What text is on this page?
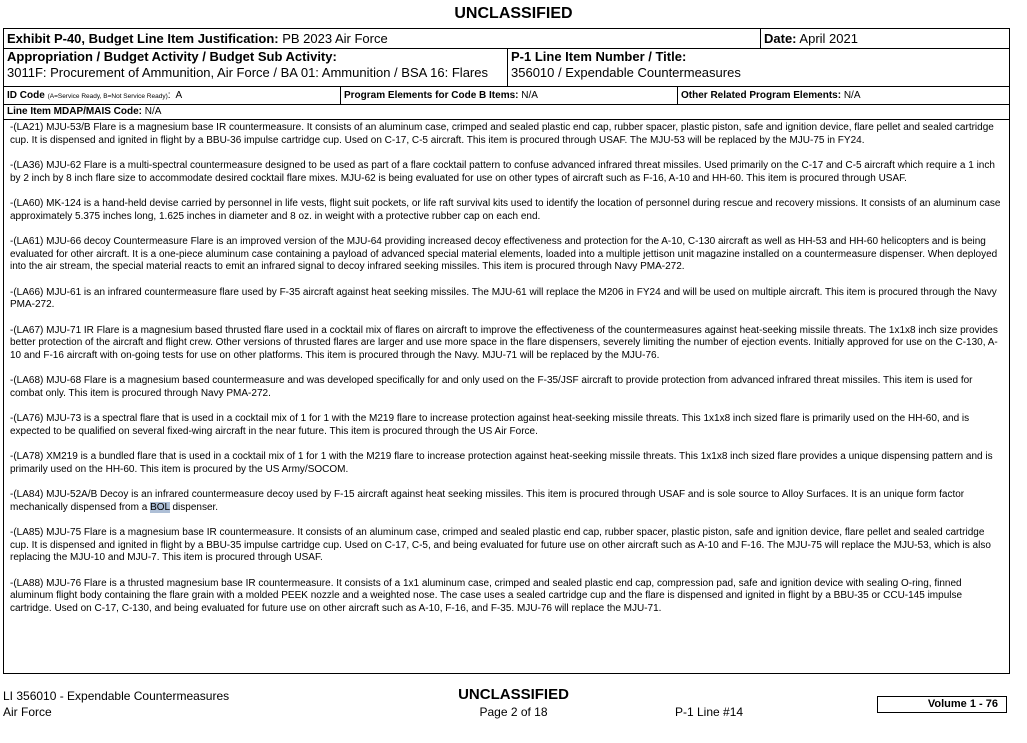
UNCLASSIFIED
Exhibit P-40, Budget Line Item Justification: PB 2023 Air Force	Date: April 2021
Appropriation / Budget Activity / Budget Sub Activity:
3011F: Procurement of Ammunition, Air Force / BA 01: Ammunition / BSA 16: Flares
P-1 Line Item Number / Title:
356010 / Expendable Countermeasures
ID Code (A=Service Ready, B=Not Service Ready):  A	Program Elements for Code B Items: N/A	Other Related Program Elements: N/A
Line Item MDAP/MAIS Code: N/A

-(LA21) MJU-53/B Flare is a magnesium base IR countermeasure. It consists of an aluminum case, crimped and sealed plastic end cap, rubber spacer, plastic piston, safe and ignition device, flare pellet and sealed cartridge cup. It is dispensed and ignited in flight by a BBU-36 impulse cartridge cup. Used on C-17, C-5 aircraft. This item is procured through USAF. The MJU-53 will be replaced by the MJU-75 in FY24.

-(LA36) MJU-62 Flare is a multi-spectral countermeasure designed to be used as part of a flare cocktail pattern to confuse advanced infrared threat missiles. Used primarily on the C-17 and C-5 aircraft which require a 1 inch by 2 inch by 8 inch flare size to accommodate desired cocktail flare mixes. MJU-62 is being evaluated for use on other types of aircraft such as F-16, A-10 and HH-60. This item is procured through USAF.

-(LA60) MK-124 is a hand-held devise carried by personnel in life vests, flight suit pockets, or life raft survival kits used to identify the location of personnel during rescue and recovery missions. It consists of an aluminum case approximately 5.375 inches long, 1.625 inches in diameter and 8 oz. in weight with a protective rubber cap on each end.

-(LA61) MJU-66 decoy Countermeasure Flare is an improved version of the MJU-64 providing increased decoy effectiveness and protection for the A-10, C-130 aircraft as well as HH-53 and HH-60 helicopters and is being evaluated for other aircraft. It is a one-piece aluminum case containing a payload of advanced special material elements, loaded into a multiple jettison unit magazine installed on a countermeasure dispenser. When deployed into the air stream, the special material reacts to emit an infrared signal to decoy infrared seeking missiles. This item is procured through Navy PMA-272.

-(LA66) MJU-61 is an infrared countermeasure flare used by F-35 aircraft against heat seeking missiles. The MJU-61 will replace the M206 in FY24 and will be used on multiple aircraft. This item is procured through the Navy PMA-272.

-(LA67) MJU-71 IR Flare is a magnesium based thrusted flare used in a cocktail mix of flares on aircraft to improve the effectiveness of the countermeasures against heat-seeking missile threats. The 1x1x8 inch size provides better protection of the aircraft and flight crew. Other versions of thrusted flares are larger and use more space in the flare dispensers, severely limiting the number of ejection events. Initially approved for use on the C-130, A-10 and F-16 aircraft with on-going tests for use on other platforms. This item is procured through the Navy. MJU-71 will be replaced by the MJU-76.

-(LA68) MJU-68 Flare is a magnesium based countermeasure and was developed specifically for and only used on the F-35/JSF aircraft to provide protection from advanced infrared threat missiles. This item is used for combat only. This item is procured through Navy PMA-272.

-(LA76) MJU-73 is a spectral flare that is used in a cocktail mix of 1 for 1 with the M219 flare to increase protection against heat-seeking missile threats. This 1x1x8 inch sized flare is primarily used on the HH-60, and is expected to be qualified on several fixed-wing aircraft in the near future. This item is procured through the US Air Force.

-(LA78) XM219 is a bundled flare that is used in a cocktail mix of 1 for 1 with the M219 flare to increase protection against heat-seeking missile threats. This 1x1x8 inch sized flare provides a unique dispensing pattern and is primarily used on the HH-60. This item is procured by the US Army/SOCOM.

-(LA84) MJU-52A/B Decoy is an infrared countermeasure decoy used by F-15 aircraft against heat seeking missiles. This item is procured through USAF and is sole source to Alloy Surfaces. It is an unique form factor mechanically dispensed from a BOL dispenser.

-(LA85) MJU-75 Flare is a magnesium base IR countermeasure. It consists of an aluminum case, crimped and sealed plastic end cap, rubber spacer, plastic piston, safe and ignition device, flare pellet and sealed cartridge cup. It is dispensed and ignited in flight by a BBU-35 impulse cartridge cup. Used on C-17, C-5, and being evaluated for future use on other aircraft such as A-10 and F-16. The MJU-75 will replace the MJU-53, which is also replacing the MJU-10 and MJU-7. This item is procured through USAF.

-(LA88) MJU-76 Flare is a thrusted magnesium base IR countermeasure. It consists of a 1x1 aluminum case, crimped and sealed plastic end cap, compression pad, safe and ignition device with sealing O-ring, finned aluminum flight body containing the flare grain with a molded PEEK nozzle and a weighted nose. The case uses a sealed cartridge cup and the flare is dispensed and ignited in flight by a BBU-35 or CCU-145 impulse cartridge. Used on C-17, C-130, and being evaluated for future use on other aircraft such as A-10, F-16, and F-35. MJU-76 will replace the MJU-71.

LI 356010 - Expendable Countermeasures
Air Force
UNCLASSIFIED
Page 2 of 18	P-1 Line #14
Volume 1 - 76
